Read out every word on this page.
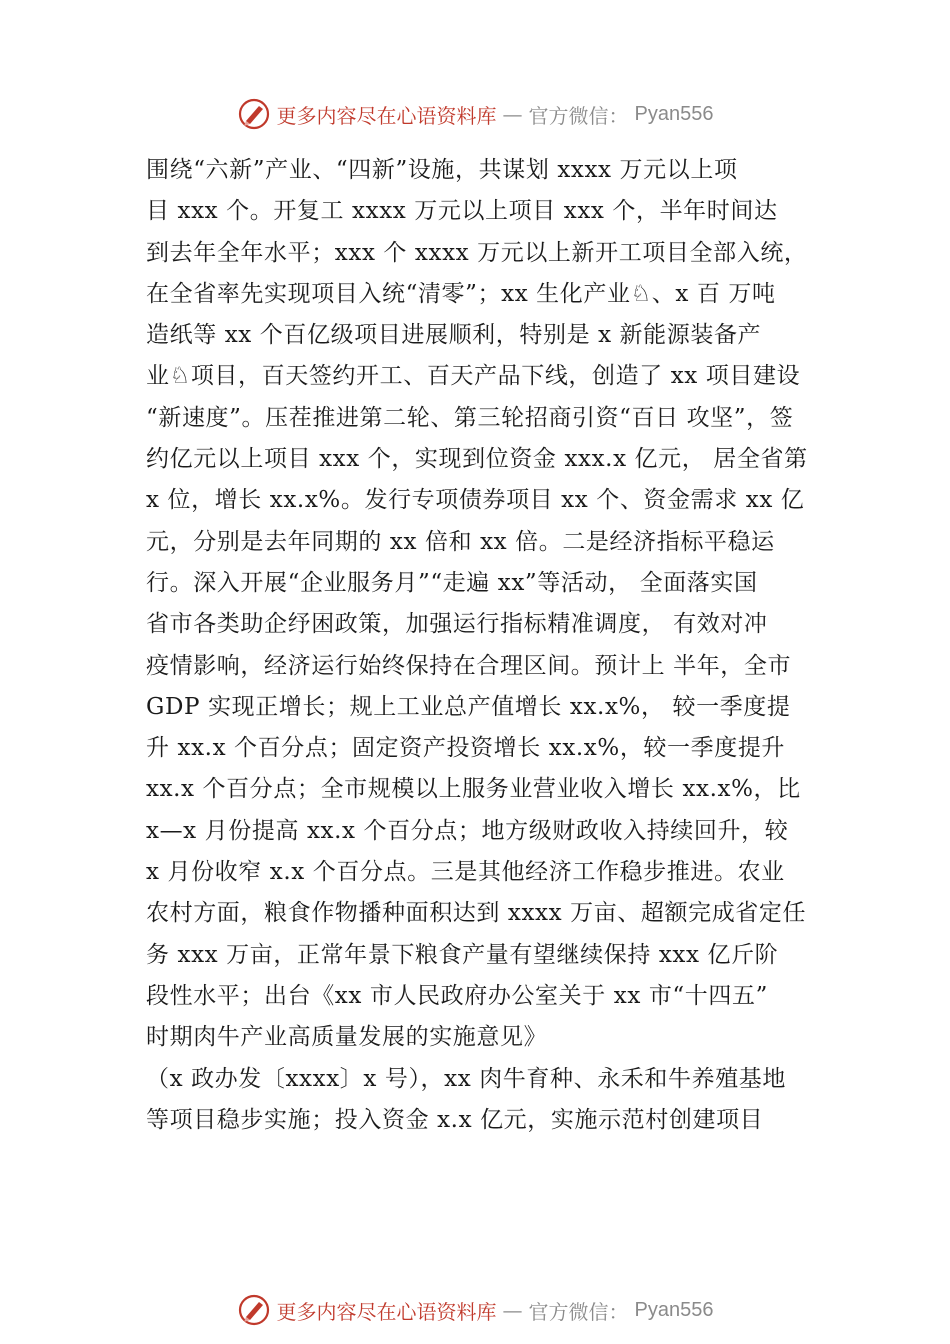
更多内容尽在心语资料库 — 官方微信： Pyan556
围绕“六新”产业、“四新”设施，共谋划 xxxx 万元以上项
目 xxx 个。开复工 xxxx 万元以上项目 xxx 个，半年时间达
到去年全年水平；xxx 个 xxxx 万元以上新开工项目全部入统，
在全省率先实现项目入统“清零”；xx 生化产业♘、x 百 万吨
造纸等 xx 个百亿级项目进展顺利，特别是 x 新能源装备产
业♘项目，百天签约开工、百天产品下线，创造了 xx 项目建设
“新速度”。压茬推进第二轮、第三轮招商引资“百日 攻坚”，签
约亿元以上项目 xxx 个，实现到位资金 xxx.x 亿元， 居全省第
x 位，增长 xx.x%。发行专项债券项目 xx 个、资金需求 xx 亿
元，分别是去年同期的 xx 倍和 xx 倍。二是经济指标平稳运
行。深入开展“企业服务月”“走遍 xx”等活动， 全面落实国
省市各类助企纾困政策，加强运行指标精准调度， 有效对冲
疫情影响，经济运行始终保持在合理区间。预计上 半年，全市
GDP 实现正增长；规上工业总产值增长 xx.x%， 较一季度提
升 xx.x 个百分点；固定资产投资增长 xx.x%，较一季度提升
xx.x 个百分点；全市规模以上服务业营业收入增长 xx.x%，比
x—x 月份提高 xx.x 个百分点；地方级财政收入持续回升，较
x 月份收窄 x.x 个百分点。三是其他经济工作稳步推进。农业
农村方面，粮食作物播种面积达到 xxxx 万亩、超额完成省定任
务 xxx 万亩，正常年景下粮食产量有望继续保持 xxx 亿斤阶
段性水平；出台《xx 市人民政府办公室关于 xx 市“十四五”
时期肉牛产业高质量发展的实施意见》
（x 政办发〔xxxx〕x 号），xx 肉牛育种、永禾和牛养殖基地
等项目稳步实施；投入资金 x.x 亿元，实施示范村创建项目
更多内容尽在心语资料库 — 官方微信： Pyan556
